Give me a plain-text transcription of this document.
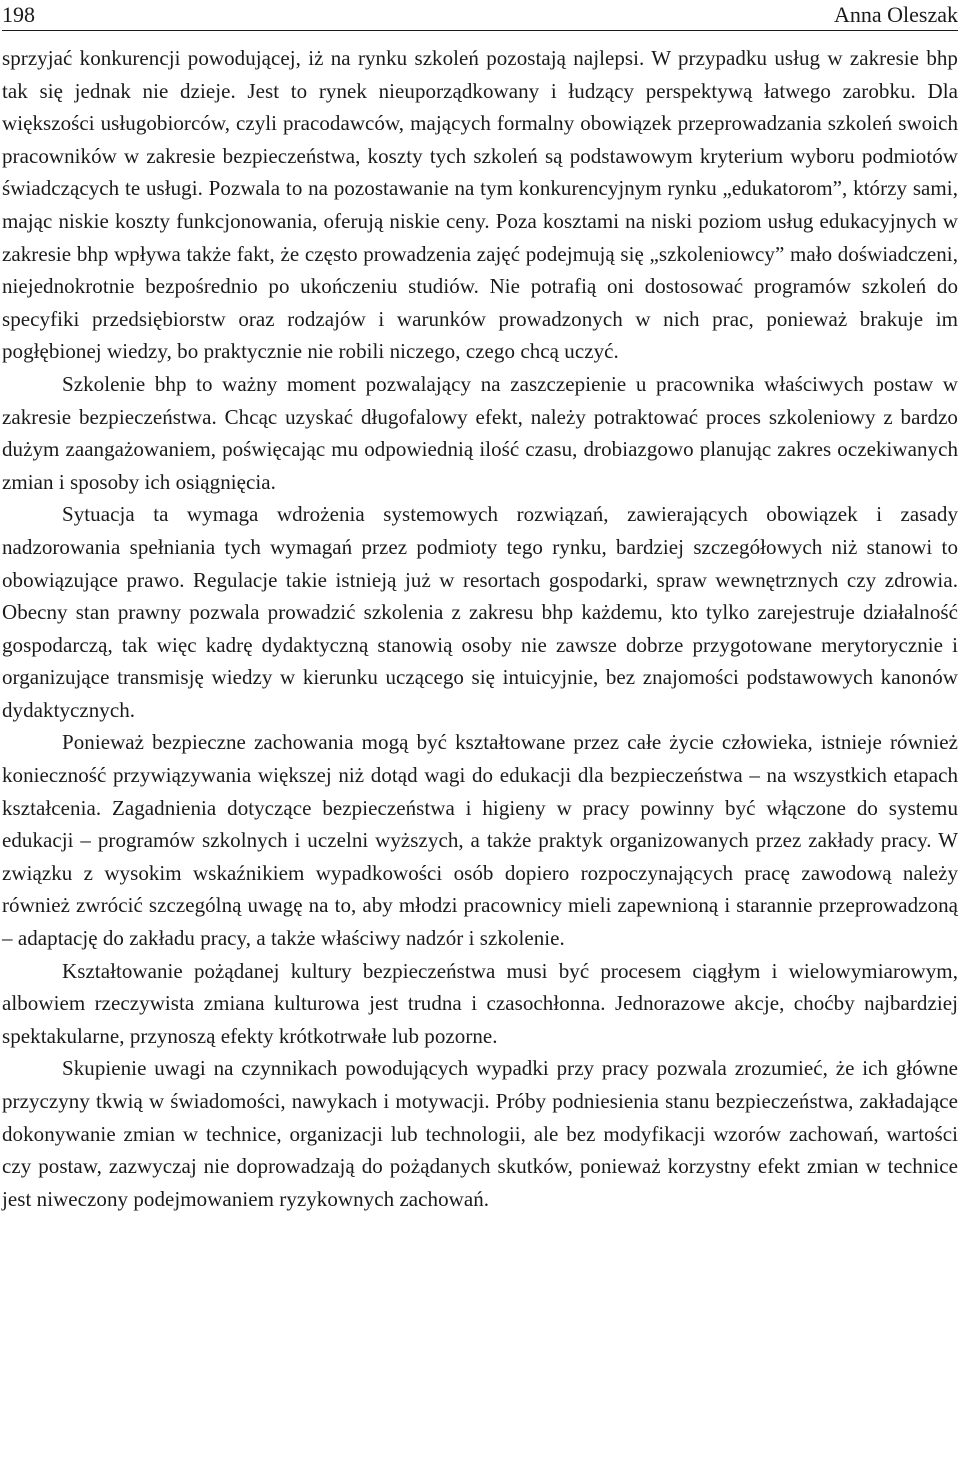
198	Anna Oleszak

sprzyjać konkurencji powodującej, iż na rynku szkoleń pozostają najlepsi. W przypadku usług w zakresie bhp tak się jednak nie dzieje. Jest to rynek nieuporządkowany i łudzący perspektywą łatwego zarobku. Dla większości usługobiorców, czyli pracodawców, mających formalny obowiązek przeprowadzania szkoleń swoich pracowników w zakresie bezpieczeństwa, koszty tych szkoleń są podstawowym kryterium wyboru podmiotów świadczących te usługi. Pozwala to na pozostawanie na tym konkurencyjnym rynku „edukatorom”, którzy sami, mając niskie koszty funkcjonowania, oferują niskie ceny. Poza kosztami na niski poziom usług edukacyjnych w zakresie bhp wpływa także fakt, że często prowadzenia zajęć podejmują się „szkoleniowcy” mało doświadczeni, niejednokrotnie bezpośrednio po ukończeniu studiów. Nie potrafią oni dostosować programów szkoleń do specyfiki przedsiębiorstw oraz rodzajów i warunków prowadzonych w nich prac, ponieważ brakuje im pogłębionej wiedzy, bo praktycznie nie robili niczego, czego chcą uczyć.

Szkolenie bhp to ważny moment pozwalający na zaszczepienie u pracownika właściwych postaw w zakresie bezpieczeństwa. Chcąc uzyskać długofalowy efekt, należy potraktować proces szkoleniowy z bardzo dużym zaangażowaniem, poświęcając mu odpowiednią ilość czasu, drobiazgowo planując zakres oczekiwanych zmian i sposoby ich osiągnięcia.

Sytuacja ta wymaga wdrożenia systemowych rozwiązań, zawierających obowiązek i zasady nadzorowania spełniania tych wymagań przez podmioty tego rynku, bardziej szczegółowych niż stanowi to obowiązujące prawo. Regulacje takie istnieją już w resortach gospodarki, spraw wewnętrznych czy zdrowia. Obecny stan prawny pozwala prowadzić szkolenia z zakresu bhp każdemu, kto tylko zarejestruje działalność gospodarczą, tak więc kadrę dydaktyczną stanowią osoby nie zawsze dobrze przygotowane merytorycznie i organizujące transmisję wiedzy w kierunku uczącego się intuicyjnie, bez znajomości podstawowych kanonów dydaktycznych.

Ponieważ bezpieczne zachowania mogą być kształtowane przez całe życie człowieka, istnieje również konieczność przywiązywania większej niż dotąd wagi do edukacji dla bezpieczeństwa – na wszystkich etapach kształcenia. Zagadnienia dotyczące bezpieczeństwa i higieny w pracy powinny być włączone do systemu edukacji – programów szkolnych i uczelni wyższych, a także praktyk organizowanych przez zakłady pracy. W związku z wysokim wskaźnikiem wypadkowości osób dopiero rozpoczynających pracę zawodową należy również zwrócić szczególną uwagę na to, aby młodzi pracownicy mieli zapewnioną i starannie przeprowadzoną – adaptację do zakładu pracy, a także właściwy nadzór i szkolenie.

Kształtowanie pożądanej kultury bezpieczeństwa musi być procesem ciągłym i wielowymiarowym, albowiem rzeczywista zmiana kulturowa jest trudna i czasochłonna. Jednorazowe akcje, choćby najbardziej spektakularne, przynoszą efekty krótkotrwałe lub pozorne.

Skupienie uwagi na czynnikach powodujących wypadki przy pracy pozwala zrozumieć, że ich główne przyczyny tkwią w świadomości, nawykach i motywacji. Próby podniesienia stanu bezpieczeństwa, zakładające dokonywanie zmian w technice, organizacji lub technologii, ale bez modyfikacji wzorów zachowań, wartości czy postaw, zazwyczaj nie doprowadzają do pożądanych skutków, ponieważ korzystny efekt zmian w technice jest niweczony podejmowaniem ryzykownych zachowań.
